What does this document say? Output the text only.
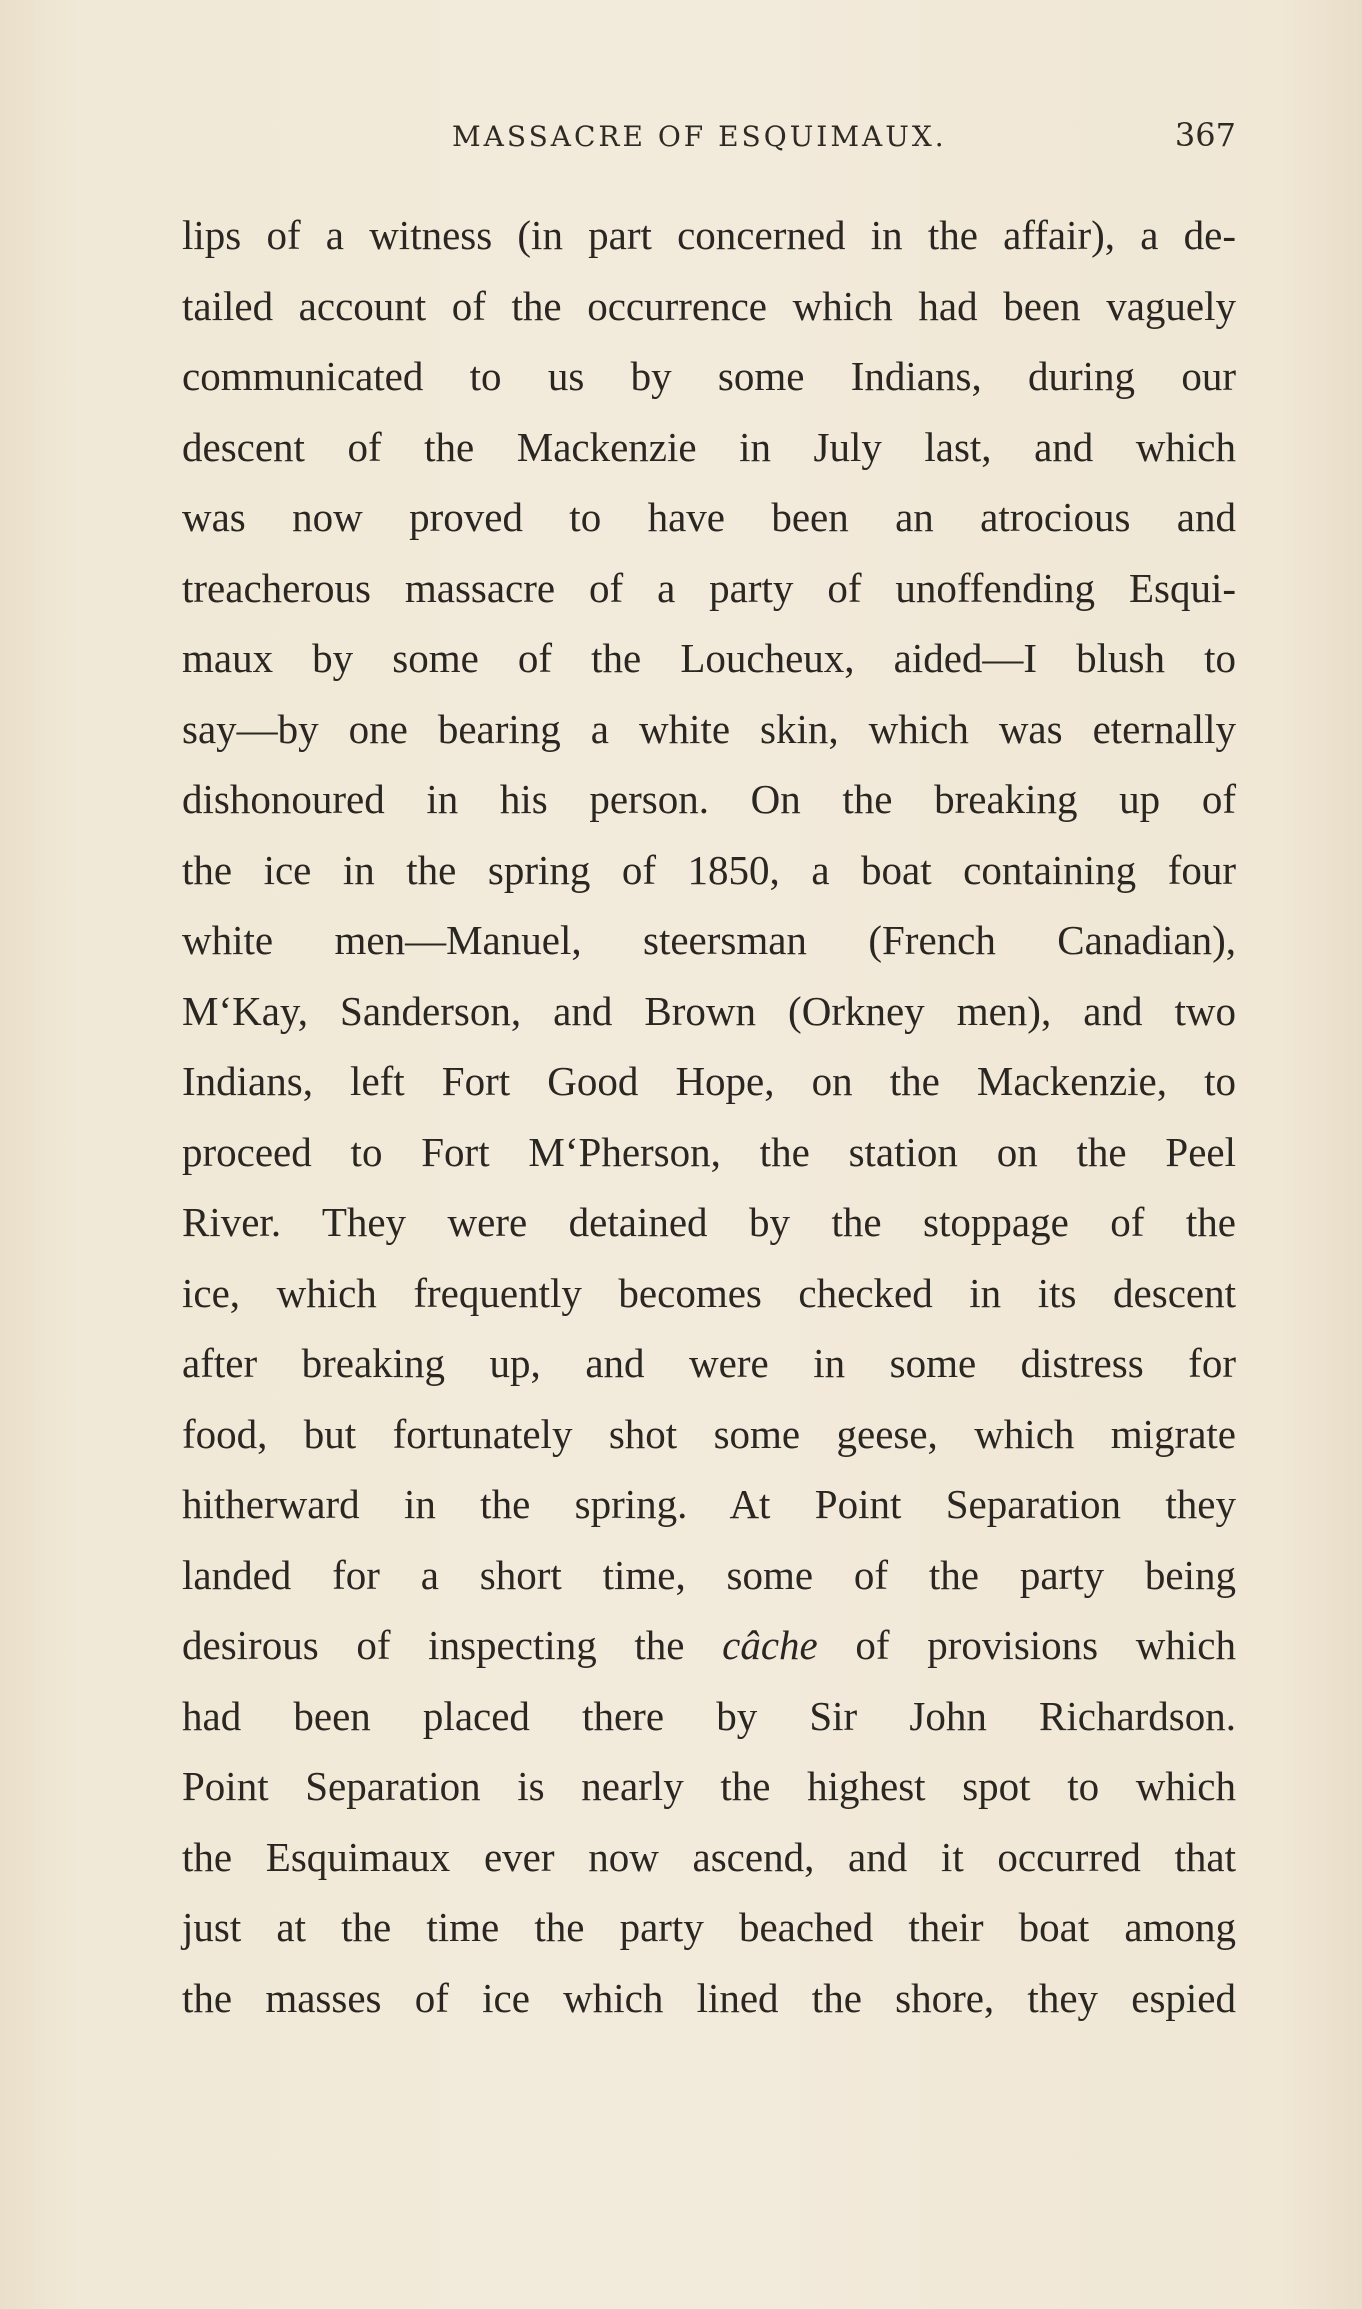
MASSACRE OF ESQUIMAUX.	367
lips of a witness (in part concerned in the affair), a de-
tailed account of the occurrence which had been vaguely
communicated to us by some Indians, during our
descent of the Mackenzie in July last, and which
was now proved to have been an atrocious and
treacherous massacre of a party of unoffending Esqui-
maux by some of the Loucheux, aided—I blush to
say—by one bearing a white skin, which was eternally
dishonoured in his person. On the breaking up of
the ice in the spring of 1850, a boat containing four
white men—Manuel, steersman (French Canadian),
M‘Kay, Sanderson, and Brown (Orkney men), and two
Indians, left Fort Good Hope, on the Mackenzie, to
proceed to Fort M‘Pherson, the station on the Peel
River. They were detained by the stoppage of the
ice, which frequently becomes checked in its descent
after breaking up, and were in some distress for
food, but fortunately shot some geese, which migrate
hitherward in the spring. At Point Separation they
landed for a short time, some of the party being
desirous of inspecting the câche of provisions which
had been placed there by Sir John Richardson.
Point Separation is nearly the highest spot to which
the Esquimaux ever now ascend, and it occurred that
just at the time the party beached their boat among
the masses of ice which lined the shore, they espied
